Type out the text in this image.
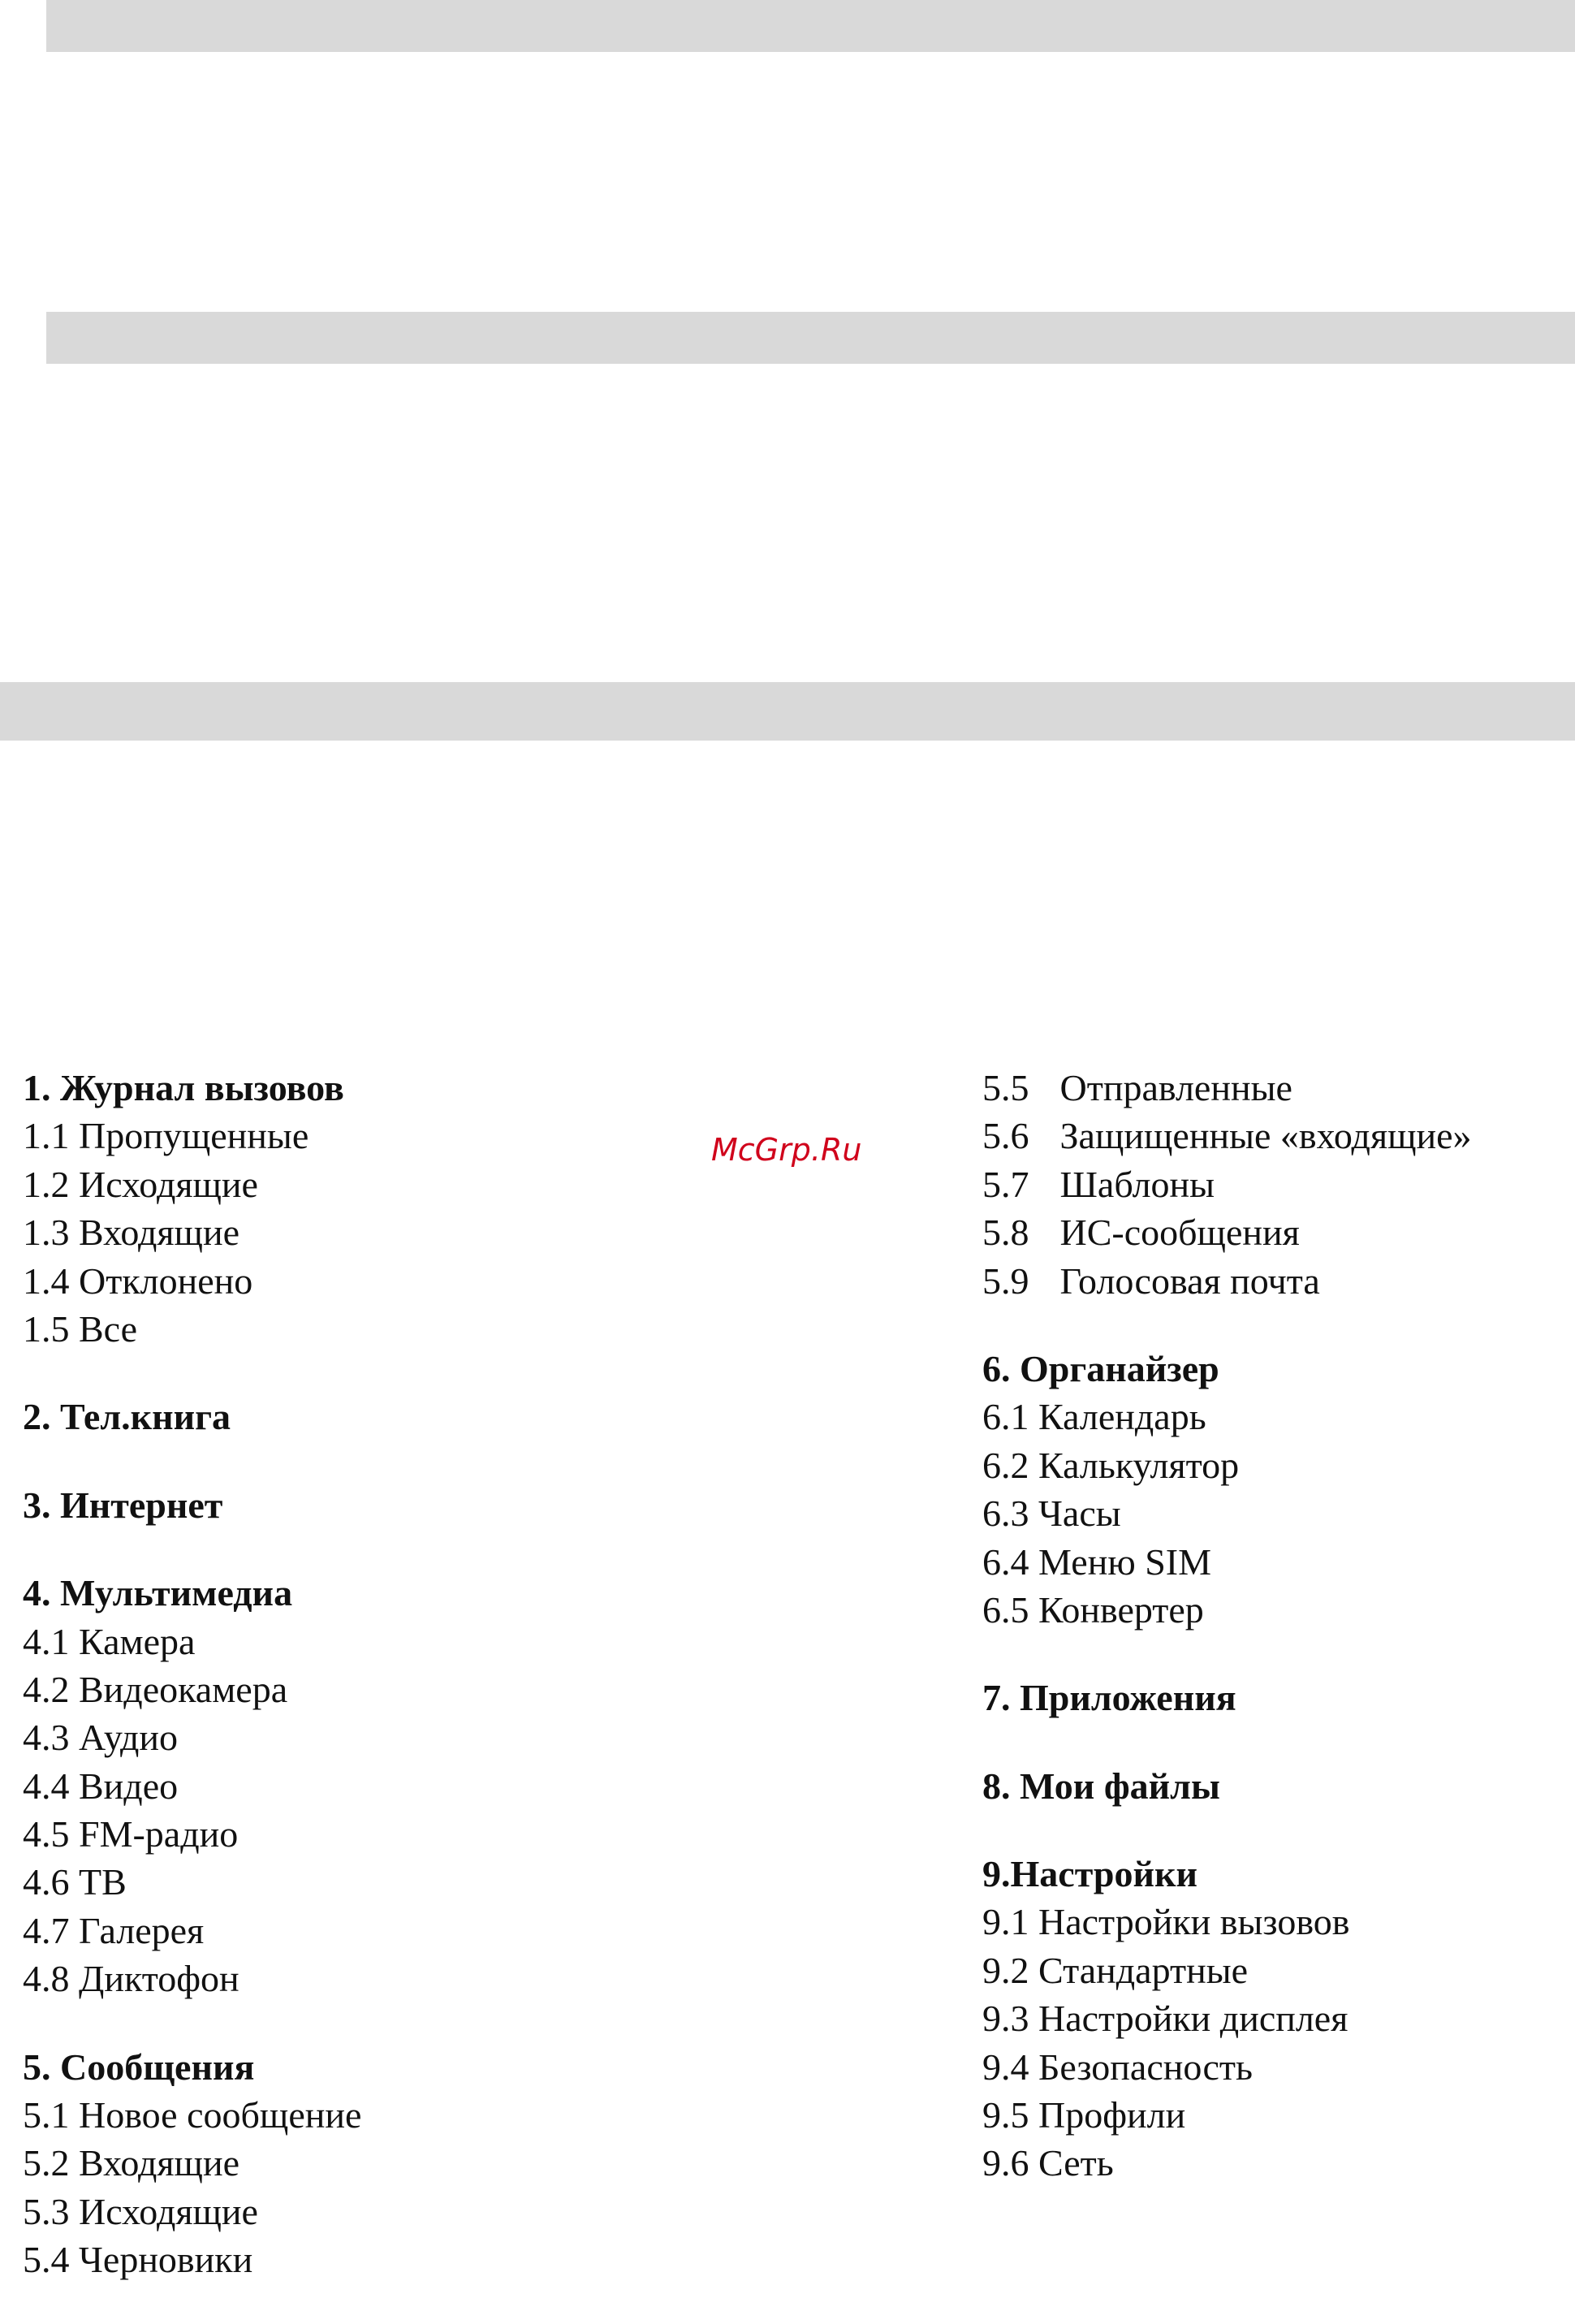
McGrp.Ru
1. Журнал вызовов
1.1 Пропущенные
1.2 Исходящие
1.3 Входящие
1.4 Отклонено
1.5 Все
2. Тел.книга
3. Интернет
4. Мультимедиа
4.1 Камера
4.2 Видеокамера
4.3 Аудио
4.4 Видео
4.5 FM-радио
4.6 ТВ
4.7 Галерея
4.8 Диктофон
5. Сообщения
5.1 Новое сообщение
5.2 Входящие
5.3 Исходящие
5.4 Черновики
5.5 Отправленные
5.6 Защищенные «входящие»
5.7 Шаблоны
5.8 ИС-сообщения
5.9 Голосовая почта
6. Органайзер
6.1 Календарь
6.2 Калькулятор
6.3 Часы
6.4 Меню SIM
6.5 Конвертер
7. Приложения
8. Мои файлы
9.Настройки
9.1 Настройки вызовов
9.2 Стандартные
9.3 Настройки дисплея
9.4 Безопасность
9.5 Профили
9.6 Сеть
